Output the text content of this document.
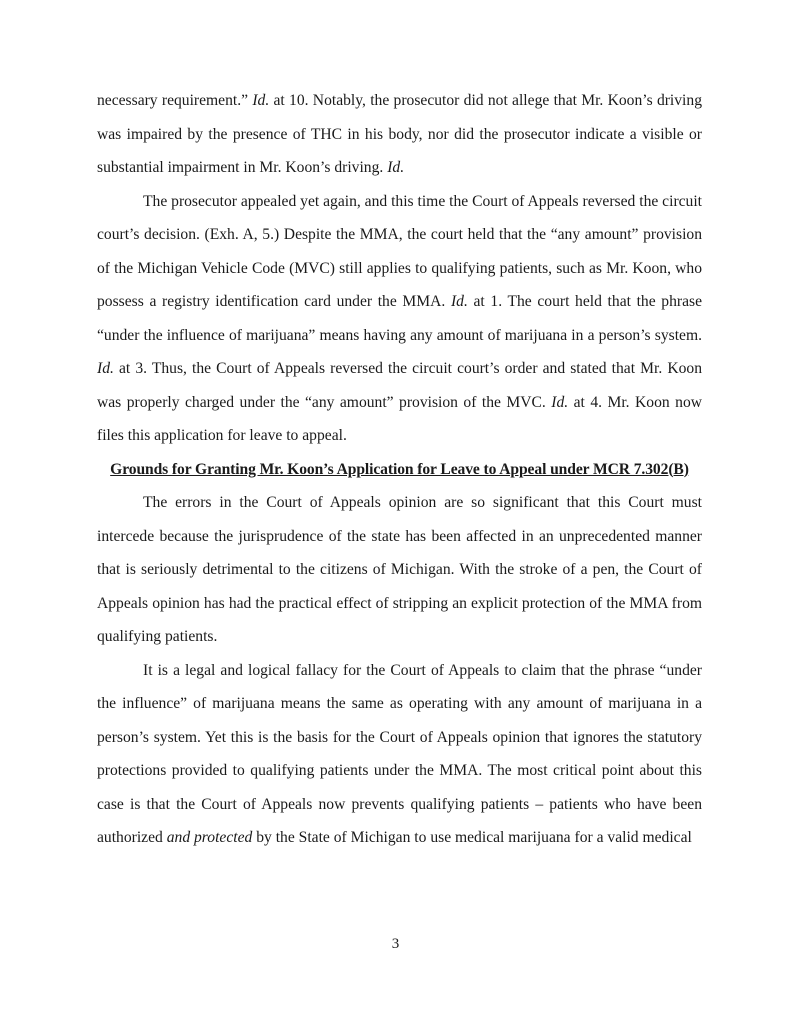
necessary requirement.” Id. at 10. Notably, the prosecutor did not allege that Mr. Koon’s driving was impaired by the presence of THC in his body, nor did the prosecutor indicate a visible or substantial impairment in Mr. Koon’s driving. Id.

The prosecutor appealed yet again, and this time the Court of Appeals reversed the circuit court’s decision. (Exh. A, 5.) Despite the MMA, the court held that the “any amount” provision of the Michigan Vehicle Code (MVC) still applies to qualifying patients, such as Mr. Koon, who possess a registry identification card under the MMA. Id. at 1. The court held that the phrase “under the influence of marijuana” means having any amount of marijuana in a person’s system. Id. at 3. Thus, the Court of Appeals reversed the circuit court’s order and stated that Mr. Koon was properly charged under the “any amount” provision of the MVC. Id. at 4. Mr. Koon now files this application for leave to appeal.

Grounds for Granting Mr. Koon’s Application for Leave to Appeal under MCR 7.302(B)

The errors in the Court of Appeals opinion are so significant that this Court must intercede because the jurisprudence of the state has been affected in an unprecedented manner that is seriously detrimental to the citizens of Michigan. With the stroke of a pen, the Court of Appeals opinion has had the practical effect of stripping an explicit protection of the MMA from qualifying patients.

It is a legal and logical fallacy for the Court of Appeals to claim that the phrase “under the influence” of marijuana means the same as operating with any amount of marijuana in a person’s system. Yet this is the basis for the Court of Appeals opinion that ignores the statutory protections provided to qualifying patients under the MMA. The most critical point about this case is that the Court of Appeals now prevents qualifying patients – patients who have been authorized and protected by the State of Michigan to use medical marijuana for a valid medical

3
